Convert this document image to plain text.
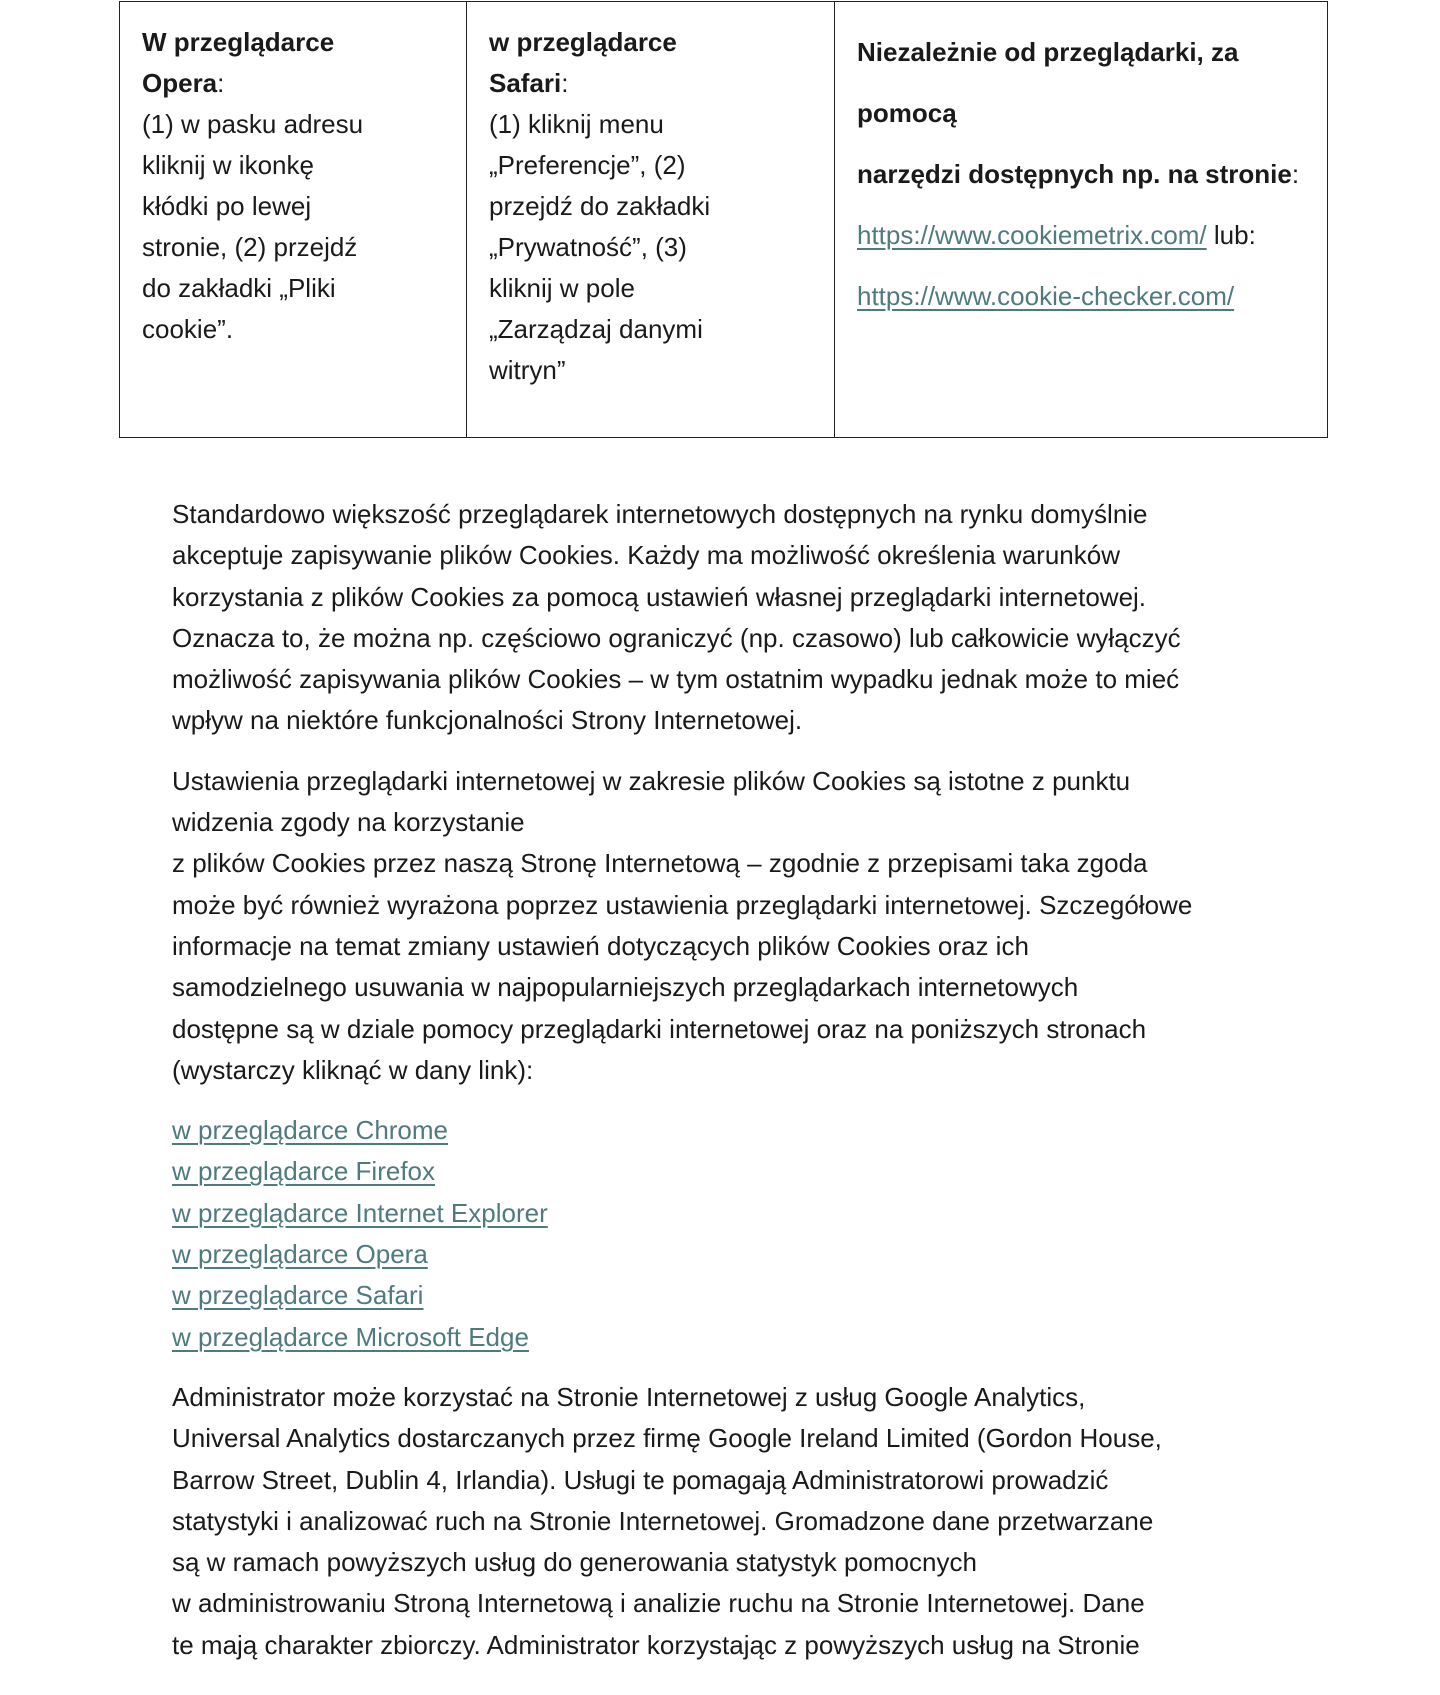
W przeglądarce
Opera:
(1) w pasku adresu
kliknij w ikonkę
kłódki po lewej
stronie, (2) przejdź
do zakładki „Pliki
cookie”.	w przeglądarce
Safari:
(1) kliknij menu
„Preferencje”, (2)
przejdź do zakładki
„Prywatność”, (3)
kliknij w pole
„Zarządzaj danymi
witryn”	Niezależnie od przeglądarki, za pomocą
narzędzi dostępnych np. na stronie:
https://www.cookiemetrix.com/ lub:
https://www.cookie-checker.com/

Standardowo większość przeglądarek internetowych dostępnych na rynku domyślnie
akceptuje zapisywanie plików Cookies. Każdy ma możliwość określenia warunków
korzystania z plików Cookies za pomocą ustawień własnej przeglądarki internetowej.
Oznacza to, że można np. częściowo ograniczyć (np. czasowo) lub całkowicie wyłączyć
możliwość zapisywania plików Cookies – w tym ostatnim wypadku jednak może to mieć
wpływ na niektóre funkcjonalności Strony Internetowej.

Ustawienia przeglądarki internetowej w zakresie plików Cookies są istotne z punktu
widzenia zgody na korzystanie
z plików Cookies przez naszą Stronę Internetową – zgodnie z przepisami taka zgoda
może być również wyrażona poprzez ustawienia przeglądarki internetowej. Szczegółowe
informacje na temat zmiany ustawień dotyczących plików Cookies oraz ich
samodzielnego usuwania w najpopularniejszych przeglądarkach internetowych
dostępne są w dziale pomocy przeglądarki internetowej oraz na poniższych stronach
(wystarczy kliknąć w dany link):

w przeglądarce Chrome
w przeglądarce Firefox
w przeglądarce Internet Explorer
w przeglądarce Opera
w przeglądarce Safari
w przeglądarce Microsoft Edge

Administrator może korzystać na Stronie Internetowej z usług Google Analytics,
Universal Analytics dostarczanych przez firmę Google Ireland Limited (Gordon House,
Barrow Street, Dublin 4, Irlandia). Usługi te pomagają Administratorowi prowadzić
statystyki i analizować ruch na Stronie Internetowej. Gromadzone dane przetwarzane
są w ramach powyższych usług do generowania statystyk pomocnych
w administrowaniu Stroną Internetową i analizie ruchu na Stronie Internetowej. Dane
te mają charakter zbiorczy. Administrator korzystając z powyższych usług na Stronie
